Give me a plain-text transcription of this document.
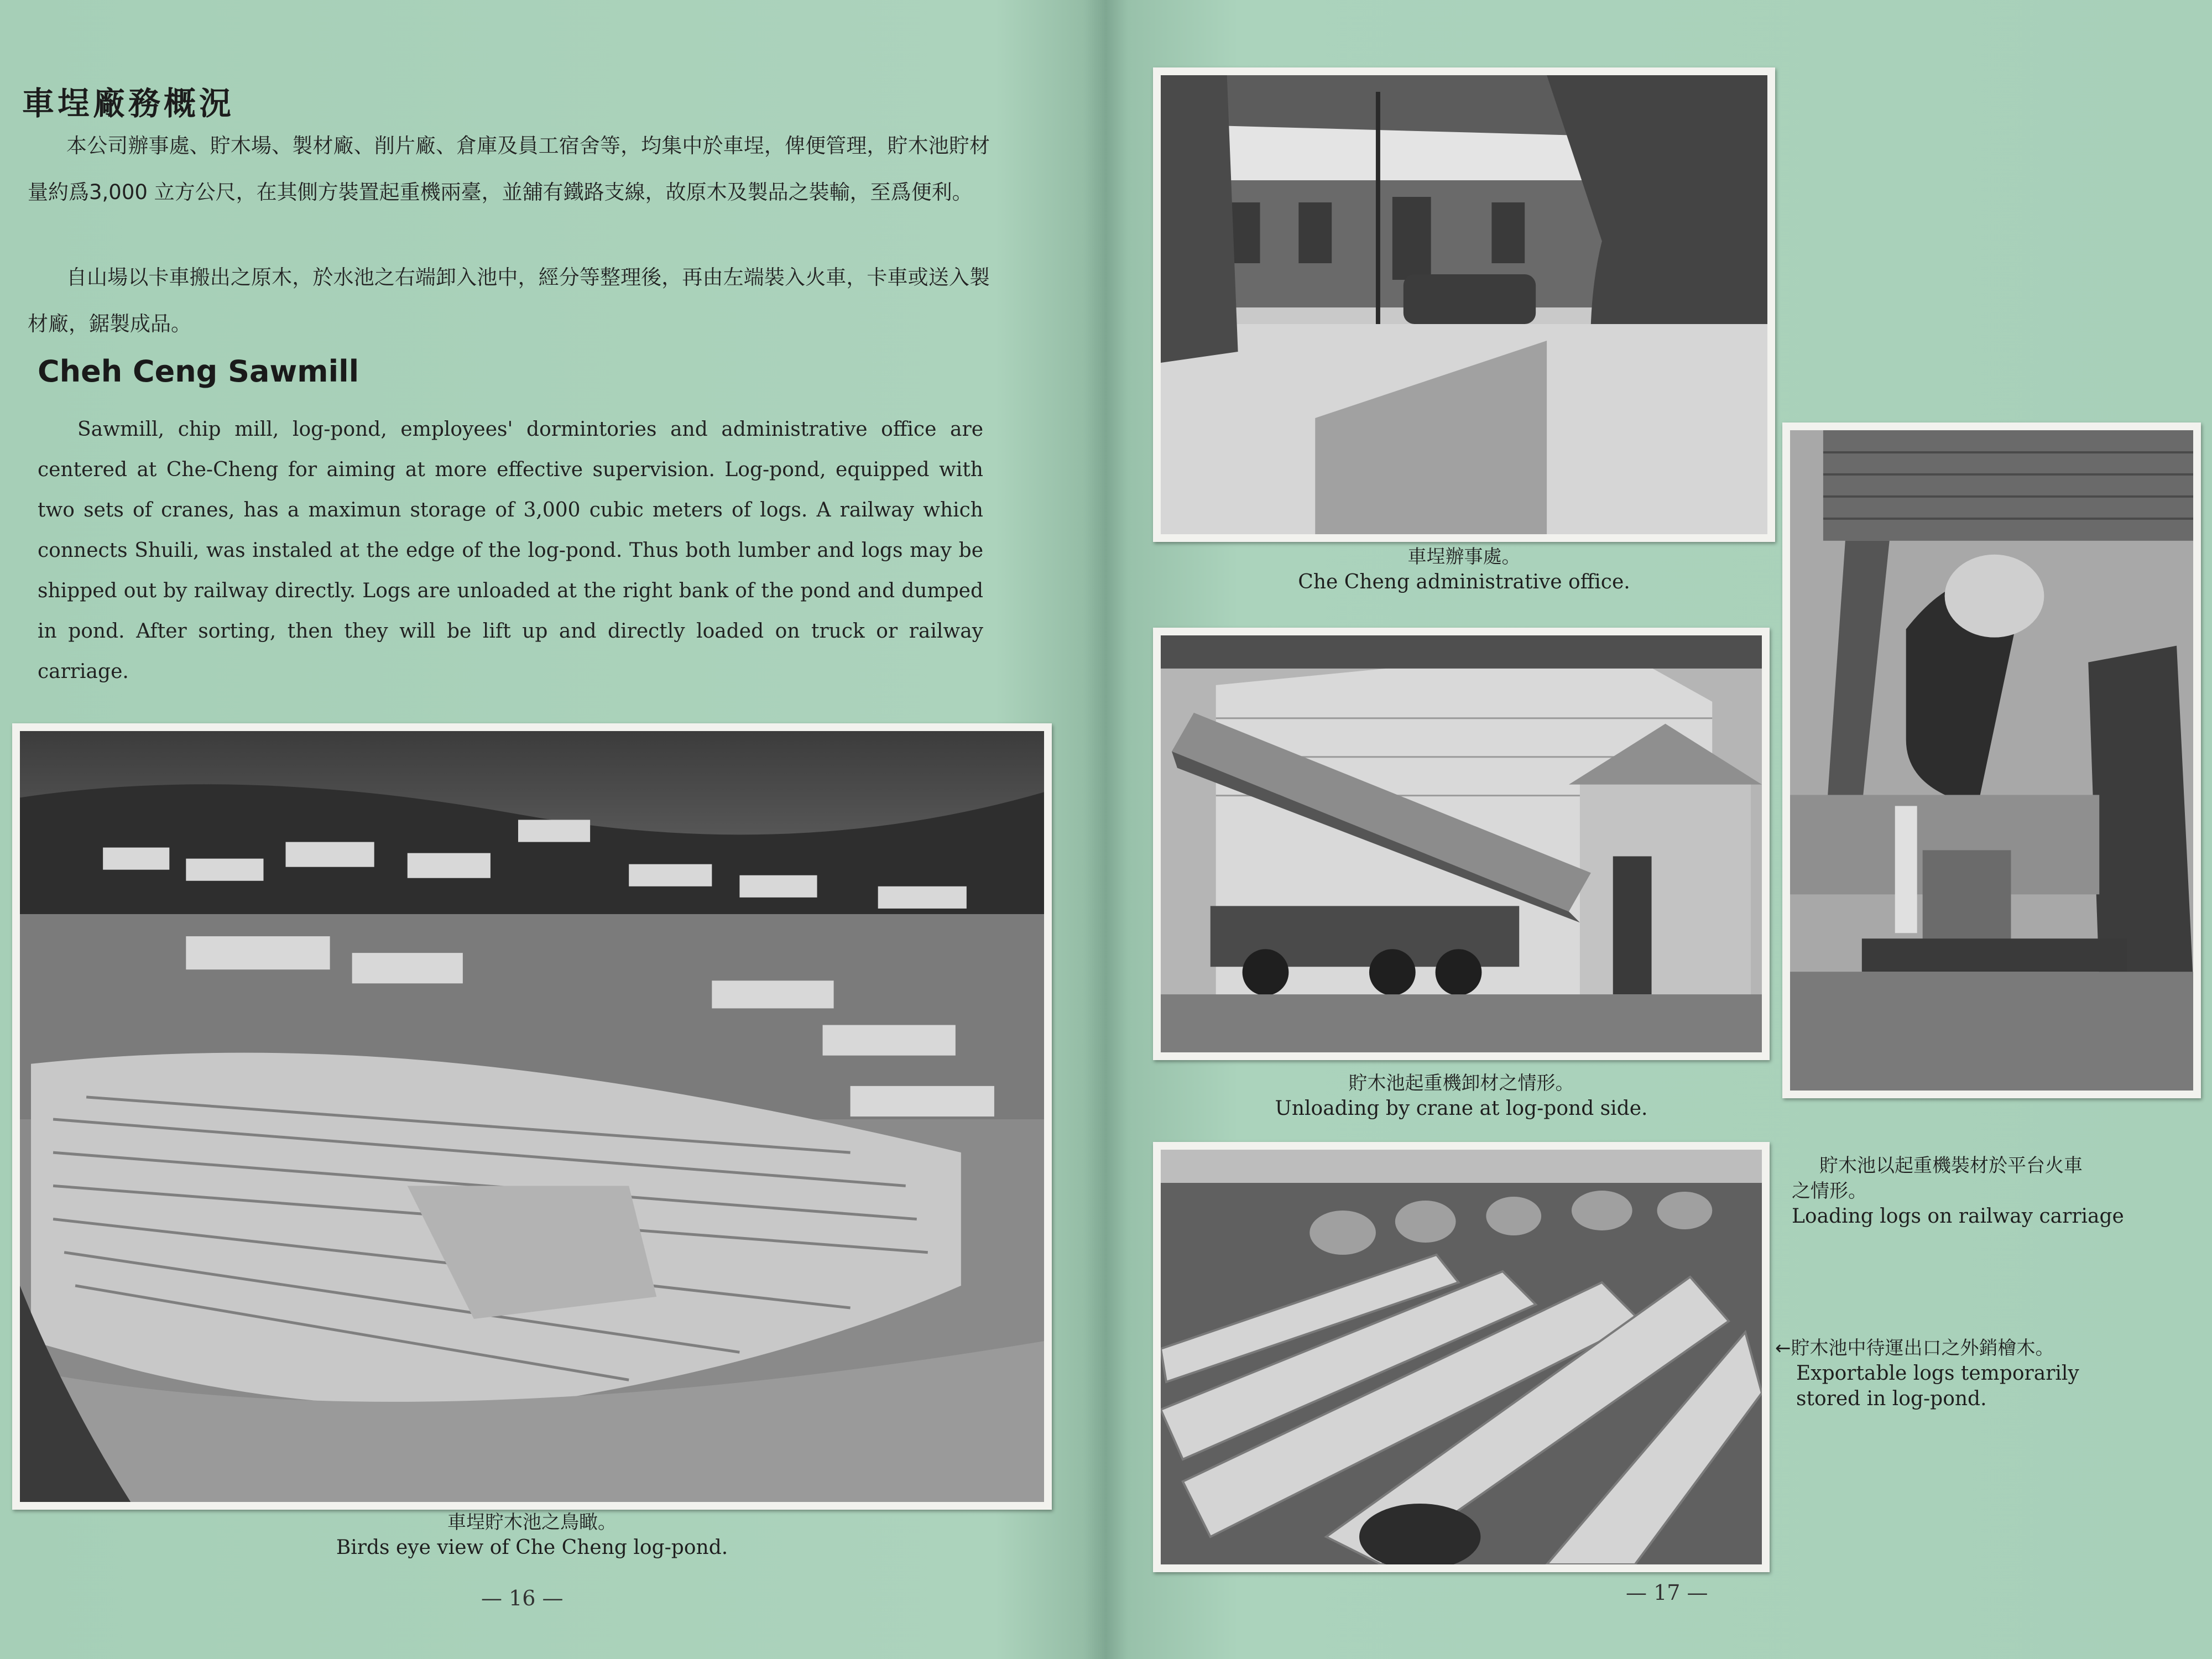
車埕廠務概況
本公司辦事處、貯木場、製材廠、削片廠、倉庫及員工宿舍等，均集中於車埕，俾便管理，貯木池貯材量約爲3,000 立方公尺，在其側方裝置起重機兩臺，並舖有鐵路支線，故原木及製品之裝輸，至爲便利。
自山場以卡車搬出之原木，於水池之右端卸入池中，經分等整理後，再由左端裝入火車，卡車或送入製材廠，鋸製成品。
Cheh Ceng Sawmill
Sawmill, chip mill, log-pond, employees' dormintories and administrative office are centered at Che-Cheng for aiming at more effective supervision. Log-pond, equipped with two sets of cranes, has a maximun storage of 3,000 cubic meters of logs. A railway which connects Shuili, was instaled at the edge of the log-pond. Thus both lumber and logs may be shipped out by railway directly. Logs are unloaded at the right bank of the pond and dumped in pond. After sorting, then they will be lift up and directly loaded on truck or railway carriage.
車埕貯木池之鳥瞰。
Birds eye view of Che Cheng log-pond.
— 16 —
車埕辦事處。
Che Cheng administrative office.
貯木池起重機卸材之情形。
Unloading by crane at log-pond side.
貯木池以起重機裝材於平台火車
之情形。
Loading logs on railway carriage
←貯木池中待運出口之外銷檜木。
Exportable logs temporarily
stored in log-pond.
— 17 —
